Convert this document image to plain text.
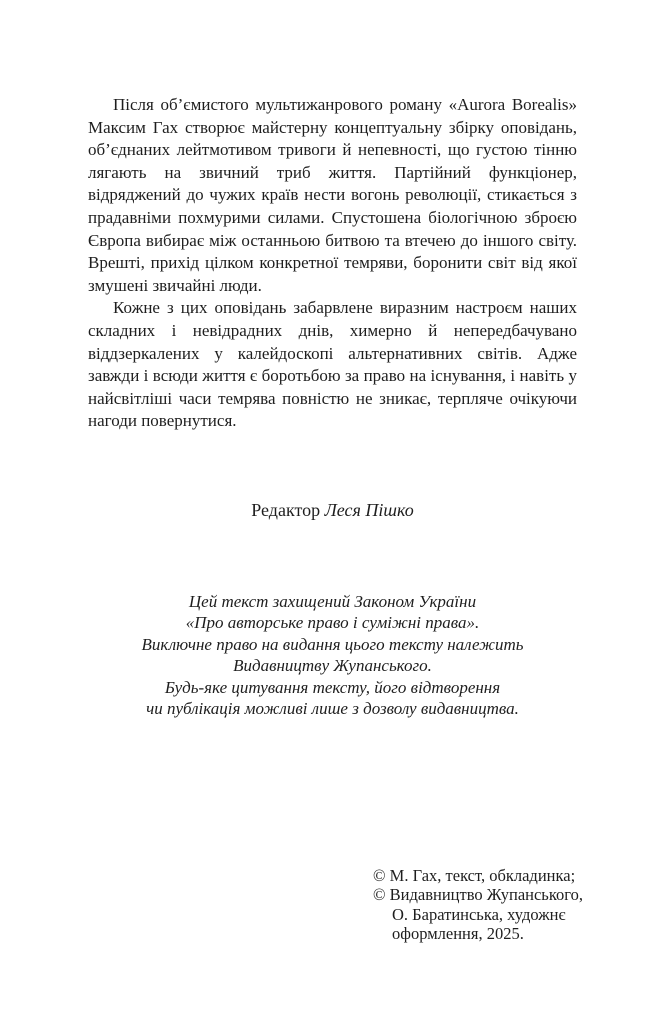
Після об’ємистого мультижанрового роману «Aurora Borealis» Максим Гах створює майстерну концептуальну збірку оповідань, об’єднаних лейтмотивом тривоги й непевності, що густою тінню лягають на звичний триб життя. Партійний функціонер, відряджений до чужих країв нести вогонь революції, стикається з прадавніми похмурими силами. Спустошена біологічною зброєю Європа вибирає між останньою битвою та втечею до іншого світу. Врешті, прихід цілком конкретної темряви, боронити світ від якої змушені звичайні люди.

Кожне з цих оповідань забарвлене виразним настроєм наших складних і невідрадних днів, химерно й непередбачувано віддзеркалених у калейдоскопі альтернативних світів. Адже завжди і всюди життя є боротьбою за право на існування, і навіть у найсвітліші часи темрява повністю не зникає, терпляче очікуючи нагоди повернутися.

Редактор Леся Пішко
Цей текст захищений Законом України
«Про авторське право і суміжні права».
Виключне право на видання цього тексту належить
Видавництву Жупанського.
Будь-яке цитування тексту, його відтворення
чи публікація можливі лише з дозволу видавництва.
© М. Гах, текст, обкладинка;
© Видавництво Жупанського,
О. Баратинська, художнє
оформлення, 2025.
